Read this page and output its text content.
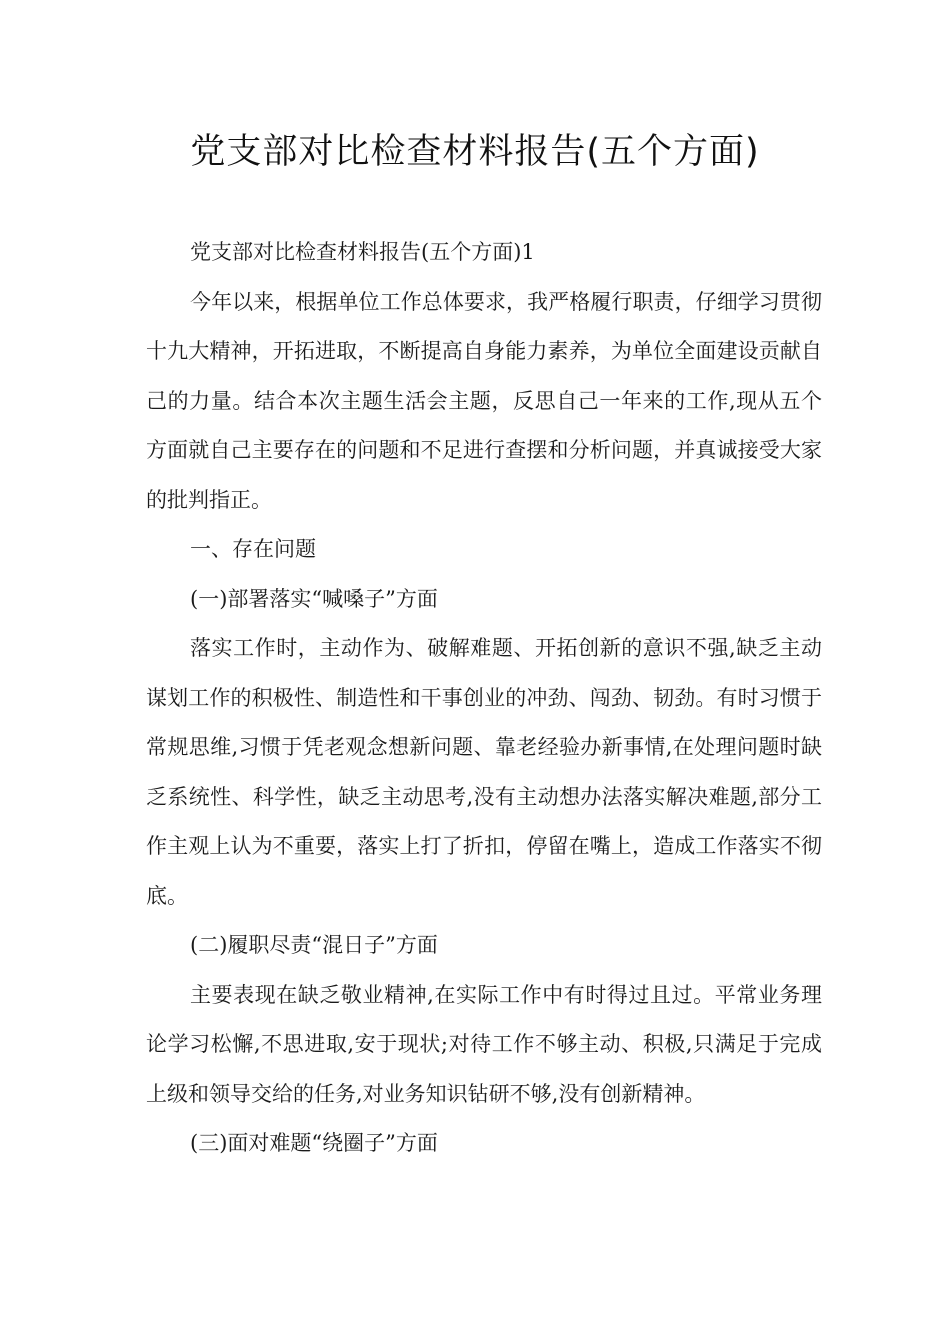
党支部对比检查材料报告(五个方面)

党支部对比检查材料报告(五个方面)1

今年以来，根据单位工作总体要求，我严格履行职责，仔细学习贯彻十九大精神，开拓进取，不断提高自身能力素养，为单位全面建设贡献自己的力量。结合本次主题生活会主题，反思自己一年来的工作,现从五个方面就自己主要存在的问题和不足进行查摆和分析问题，并真诚接受大家的批判指正。

一、存在问题

(一)部署落实“喊嗓子”方面

落实工作时，主动作为、破解难题、开拓创新的意识不强,缺乏主动谋划工作的积极性、制造性和干事创业的冲劲、闯劲、韧劲。有时习惯于常规思维,习惯于凭老观念想新问题、靠老经验办新事情,在处理问题时缺乏系统性、科学性，缺乏主动思考,没有主动想办法落实解决难题,部分工作主观上认为不重要，落实上打了折扣，停留在嘴上，造成工作落实不彻底。

(二)履职尽责“混日子”方面

主要表现在缺乏敬业精神,在实际工作中有时得过且过。平常业务理论学习松懈,不思进取,安于现状;对待工作不够主动、积极,只满足于完成上级和领导交给的任务,对业务知识钻研不够,没有创新精神。

(三)面对难题“绕圈子”方面
